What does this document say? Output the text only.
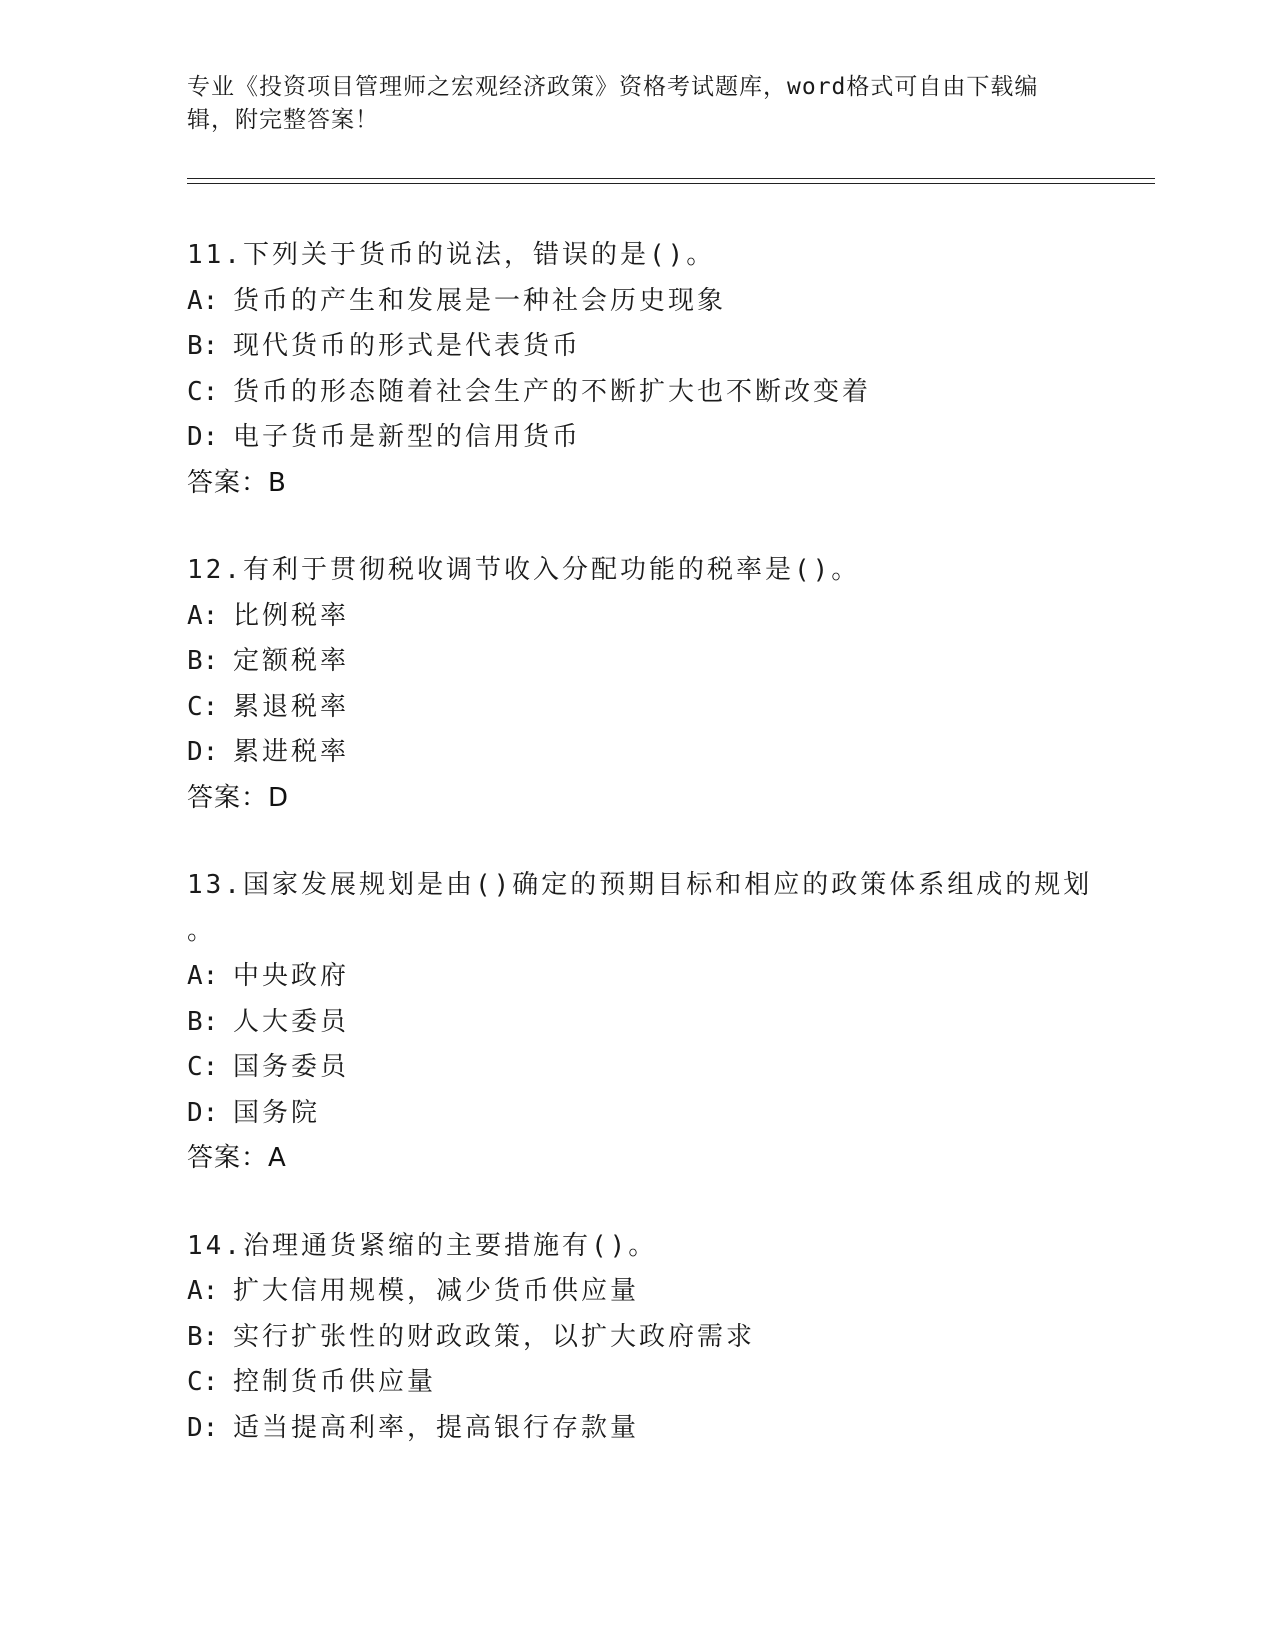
专业《投资项目管理师之宏观经济政策》资格考试题库，word格式可自由下载编
辑，附完整答案！
11.下列关于货币的说法，错误的是()。
A: 货币的产生和发展是一种社会历史现象
B: 现代货币的形式是代表货币
C: 货币的形态随着社会生产的不断扩大也不断改变着
D: 电子货币是新型的信用货币
答案：B
12.有利于贯彻税收调节收入分配功能的税率是()。
A: 比例税率
B: 定额税率
C: 累退税率
D: 累进税率
答案：D
13.国家发展规划是由()确定的预期目标和相应的政策体系组成的规划
。
A: 中央政府
B: 人大委员
C: 国务委员
D: 国务院
答案：A
14.治理通货紧缩的主要措施有()。
A: 扩大信用规模，减少货币供应量
B: 实行扩张性的财政政策，以扩大政府需求
C: 控制货币供应量
D: 适当提高利率，提高银行存款量
